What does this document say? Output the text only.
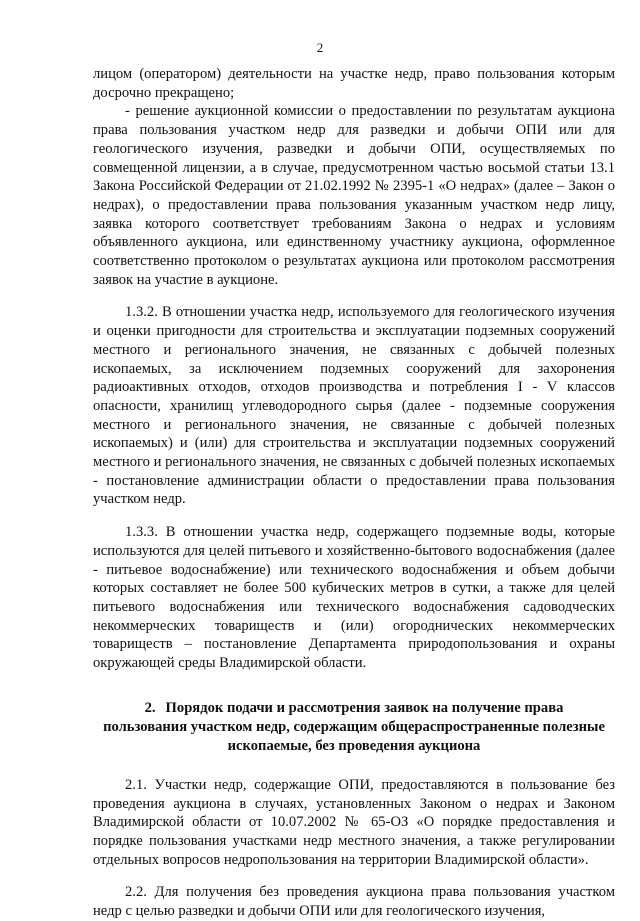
2

лицом (оператором) деятельности на участке недр, право пользования которым досрочно прекращено;

- решение аукционной комиссии о предоставлении по результатам аукциона права пользования участком недр для разведки и добычи ОПИ или для геологического изучения, разведки и добычи ОПИ, осуществляемых по совмещенной лицензии, а в случае, предусмотренном частью восьмой статьи 13.1 Закона Российской Федерации от 21.02.1992 № 2395-1 «О недрах» (далее – Закон о недрах), о предоставлении права пользования указанным участком недр лицу, заявка которого соответствует требованиям Закона о недрах и условиям объявленного аукциона, или единственному участнику аукциона, оформленное соответственно протоколом о результатах аукциона или протоколом рассмотрения заявок на участие в аукционе.

1.3.2. В отношении участка недр, используемого для геологического изучения и оценки пригодности для строительства и эксплуатации подземных сооружений местного и регионального значения, не связанных с добычей полезных ископаемых, за исключением подземных сооружений для захоронения радиоактивных отходов, отходов производства и потребления I - V классов опасности, хранилищ углеводородного сырья (далее - подземные сооружения местного и регионального значения, не связанные с добычей полезных ископаемых) и (или) для строительства и эксплуатации подземных сооружений местного и регионального значения, не связанных с добычей полезных ископаемых - постановление администрации области о предоставлении права пользования участком недр.

1.3.3. В отношении участка недр, содержащего подземные воды, которые используются для целей питьевого и хозяйственно-бытового водоснабжения (далее - питьевое водоснабжение) или технического водоснабжения и объем добычи которых составляет не более 500 кубических метров в сутки, а также для целей питьевого водоснабжения или технического водоснабжения садоводческих некоммерческих товариществ и (или) огороднических некоммерческих товариществ – постановление Департамента природопользования и охраны окружающей среды Владимирской области.

2. Порядок подачи и рассмотрения заявок на получение права пользования участком недр, содержащим общераспространенные полезные ископаемые, без проведения аукциона

2.1. Участки недр, содержащие ОПИ, предоставляются в пользование без проведения аукциона в случаях, установленных Законом о недрах и Законом Владимирской области от 10.07.2002 № 65-ОЗ «О порядке предоставления и порядке пользования участками недр местного значения, а также регулировании отдельных вопросов недропользования на территории Владимирской области».

2.2. Для получения без проведения аукциона права пользования участком недр с целью разведки и добычи ОПИ или для геологического изучения,
